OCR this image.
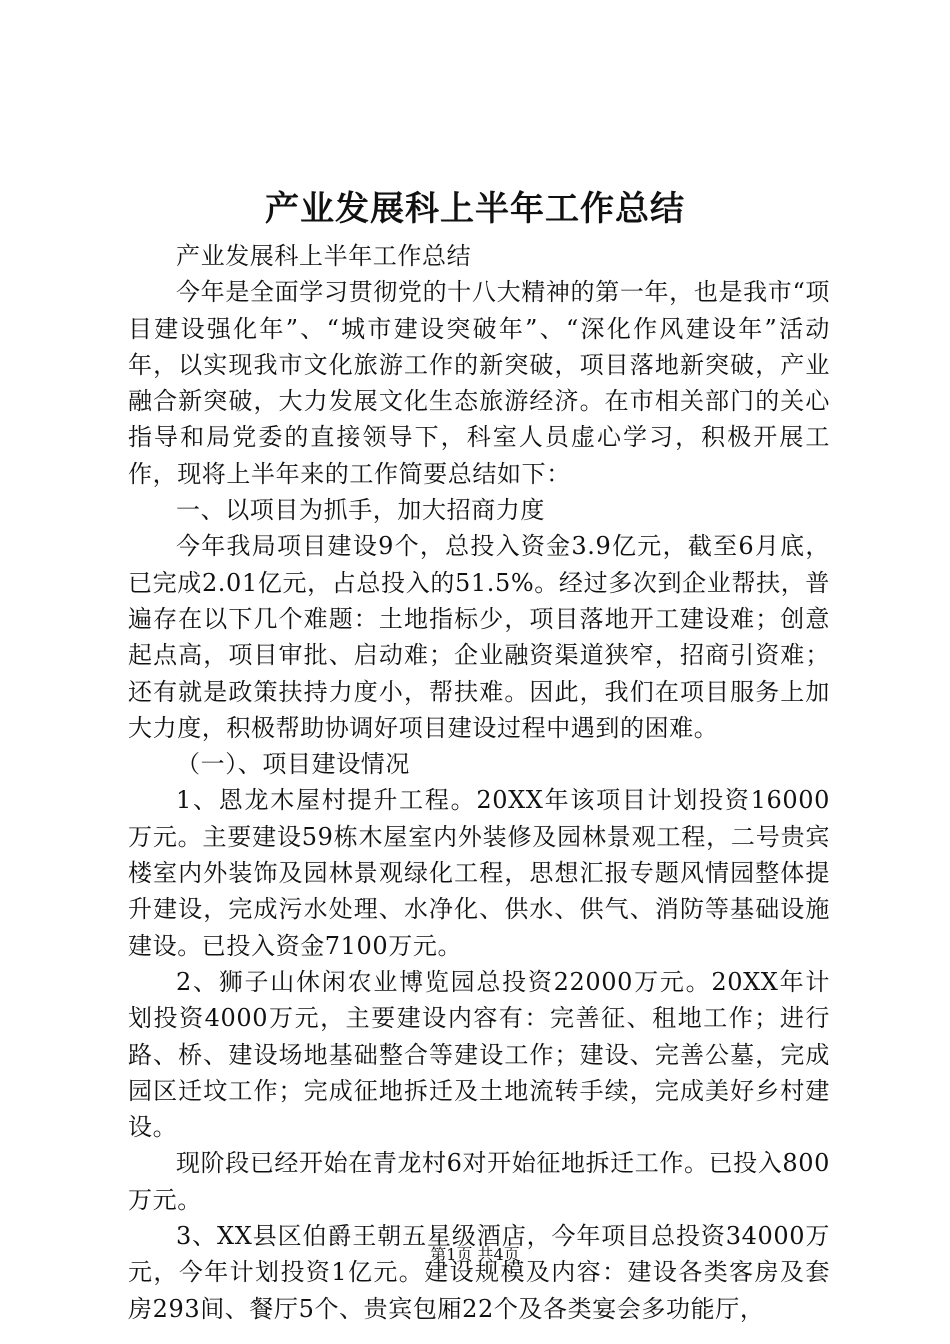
产业发展科上半年工作总结

产业发展科上半年工作总结

今年是全面学习贯彻党的十八大精神的第一年，也是我市“项目建设强化年”、“城市建设突破年”、“深化作风建设年”活动年，以实现我市文化旅游工作的新突破，项目落地新突破，产业融合新突破，大力发展文化生态旅游经济。在市相关部门的关心指导和局党委的直接领导下，科室人员虚心学习，积极开展工作，现将上半年来的工作简要总结如下：

一、以项目为抓手，加大招商力度

今年我局项目建设9个，总投入资金3.9亿元，截至6月底，已完成2.01亿元，占总投入的51.5%。经过多次到企业帮扶，普遍存在以下几个难题：土地指标少，项目落地开工建设难；创意起点高，项目审批、启动难；企业融资渠道狭窄，招商引资难；还有就是政策扶持力度小，帮扶难。因此，我们在项目服务上加大力度，积极帮助协调好项目建设过程中遇到的困难。

（一）、项目建设情况

1、恩龙木屋村提升工程。20XX年该项目计划投资16000万元。主要建设59栋木屋室内外装修及园林景观工程，二号贵宾楼室内外装饰及园林景观绿化工程，思想汇报专题风情园整体提升建设，完成污水处理、水净化、供水、供气、消防等基础设施建设。已投入资金7100万元。

2、狮子山休闲农业博览园总投资22000万元。20XX年计划投资4000万元，主要建设内容有：完善征、租地工作；进行路、桥、建设场地基础整合等建设工作；建设、完善公墓，完成园区迁坟工作；完成征地拆迁及土地流转手续，完成美好乡村建设。

现阶段已经开始在青龙村6对开始征地拆迁工作。已投入800万元。

3、XX县区伯爵王朝五星级酒店，今年项目总投资34000万元，今年计划投资1亿元。建设规模及内容：建设各类客房及套房293间、餐厅5个、贵宾包厢22个及各类宴会多功能厅，

第1页 共4页
